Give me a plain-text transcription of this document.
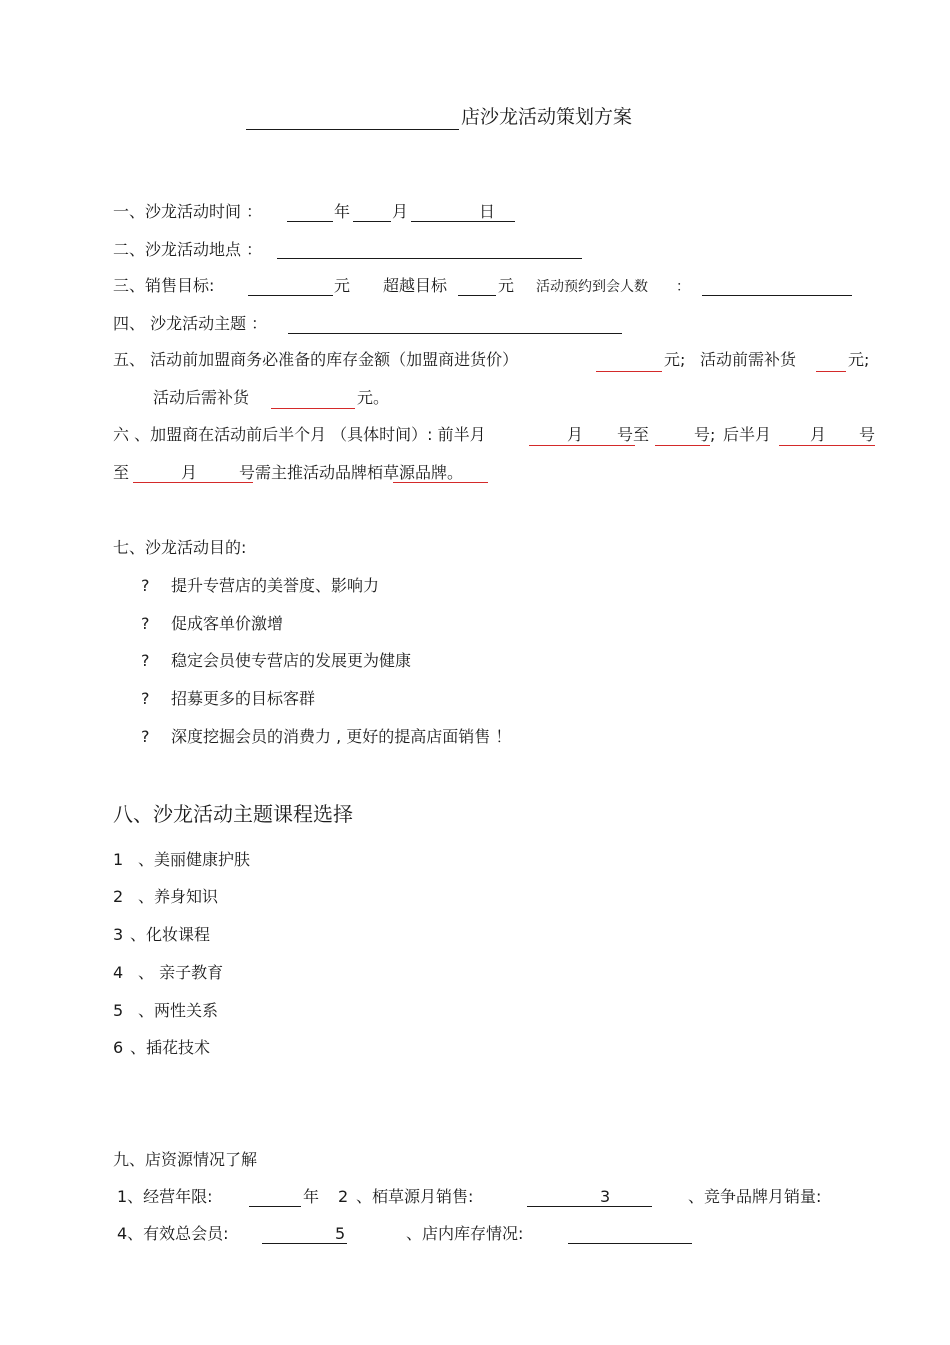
店沙龙活动策划方案
一、沙龙活动时间 ：	年	月	日
二、沙龙活动地点 ：
三、销售目标:	元 超越目标	元 活动预约到会人数 ：
四、 沙龙活动主题 ：
五、 活动前加盟商务必准备的库存金额（加盟商进货价）	元; 活动前需补货	元;
活动后需补货	元。
六 、加盟商在活动前后半个月 （具体时间）: 前半月	月 号至	号; 后半月 月 号
至	月	号需主推活动品牌栢草源品牌。
七、沙龙活动目的:
? 提升专营店的美誉度、影响力
? 促成客单价激增
? 稳定会员使专营店的发展更为健康
? 招募更多的目标客群
? 深度挖掘会员的消费力 , 更好的提高店面销售 ！
八、沙龙活动主题课程选择
1 、美丽健康护肤
2 、养身知识
3 、化妆课程
4 、 亲子教育
5 、两性关系
6 、插花技术
九、店资源情况了解
1、经营年限:	年 2 、栢草源月销售:	3	、竞争品牌月销量:
4、有效总会员:	5	、店内库存情况:
